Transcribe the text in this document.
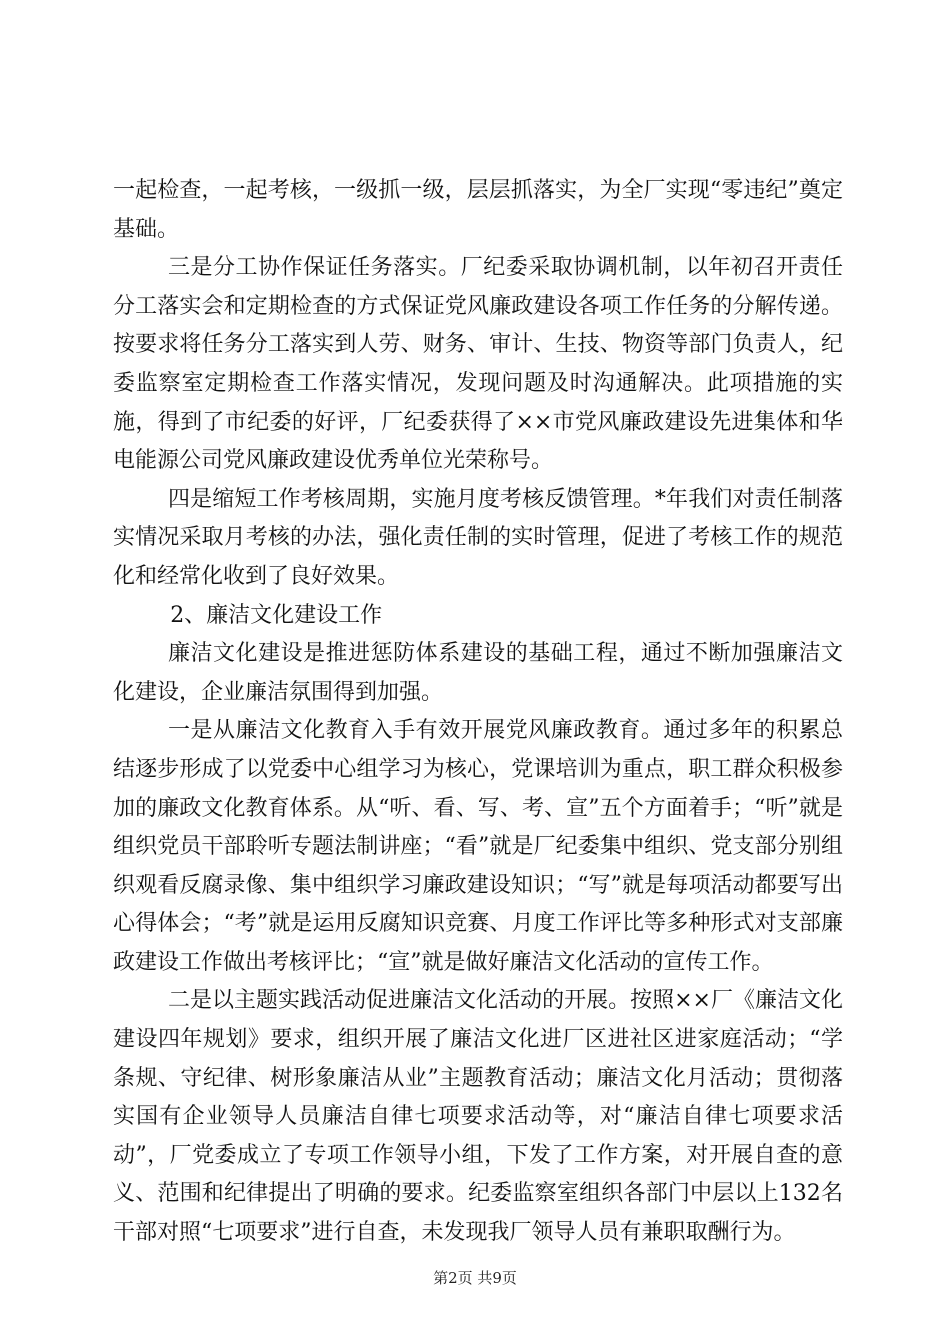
一起检查，一起考核，一级抓一级，层层抓落实，为全厂实现“零违纪”奠定基础。

三是分工协作保证任务落实。厂纪委采取协调机制，以年初召开责任分工落实会和定期检查的方式保证党风廉政建设各项工作任务的分解传递。按要求将任务分工落实到人劳、财务、审计、生技、物资等部门负责人，纪委监察室定期检查工作落实情况，发现问题及时沟通解决。此项措施的实施，得到了市纪委的好评，厂纪委获得了××市党风廉政建设先进集体和华电能源公司党风廉政建设优秀单位光荣称号。

四是缩短工作考核周期，实施月度考核反馈管理。*年我们对责任制落实情况采取月考核的办法，强化责任制的实时管理，促进了考核工作的规范化和经常化收到了良好效果。

2、廉洁文化建设工作

廉洁文化建设是推进惩防体系建设的基础工程，通过不断加强廉洁文化建设，企业廉洁氛围得到加强。

一是从廉洁文化教育入手有效开展党风廉政教育。通过多年的积累总结逐步形成了以党委中心组学习为核心，党课培训为重点，职工群众积极参加的廉政文化教育体系。从“听、看、写、考、宣”五个方面着手；“听”就是组织党员干部聆听专题法制讲座；“看”就是厂纪委集中组织、党支部分别组织观看反腐录像、集中组织学习廉政建设知识；“写”就是每项活动都要写出心得体会；“考”就是运用反腐知识竞赛、月度工作评比等多种形式对支部廉政建设工作做出考核评比；“宣”就是做好廉洁文化活动的宣传工作。

二是以主题实践活动促进廉洁文化活动的开展。按照××厂《廉洁文化建设四年规划》要求，组织开展了廉洁文化进厂区进社区进家庭活动；“学条规、守纪律、树形象廉洁从业”主题教育活动；廉洁文化月活动；贯彻落实国有企业领导人员廉洁自律七项要求活动等，对“廉洁自律七项要求活动”，厂党委成立了专项工作领导小组，下发了工作方案，对开展自查的意义、范围和纪律提出了明确的要求。纪委监察室组织各部门中层以上132名干部对照“七项要求”进行自查，未发现我厂领导人员有兼职取酬行为。

第2页 共9页
